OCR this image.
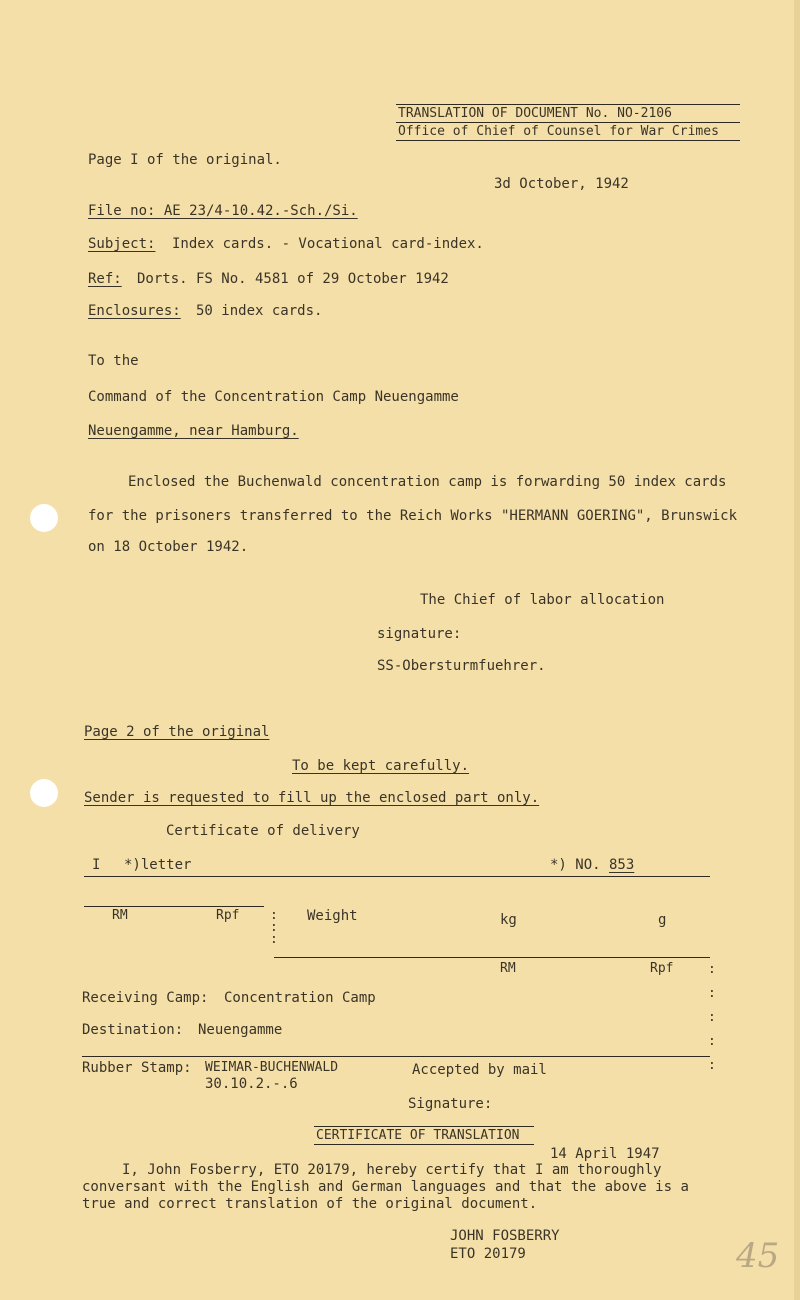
TRANSLATION OF DOCUMENT No. NO-2106
Office of Chief of Counsel for War Crimes
Page I of the original.
3d October, 1942
File no: AE 23/4-10.42.-Sch./Si.
Subject: Index cards. - Vocational card-index.
Ref: Dorts. FS No. 4581 of 29 October 1942
Enclosures: 50 index cards.
To the
Command of the Concentration Camp Neuengamme
Neuengamme, near Hamburg.
Enclosed the Buchenwald concentration camp is forwarding 50 index cards
for the prisoners transferred to the Reich Works "HERMANN GOERING", Brunswick
on 18 October 1942.
The Chief of labor allocation
signature:
SS-Obersturmfuehrer.
Page 2 of the original
To be kept carefully.
Sender is requested to fill up the enclosed part only.
Certificate of delivery
I *)letter	*) NO. 853
RM	Rpf :
:
:
Weight	kg	g
RM	Rpf	:

:

:

:

:
Receiving Camp: Concentration Camp
Destination: Neuengamme
Rubber Stamp: WEIMAR-BUCHENWALD
30.10.2.-.6
Accepted by mail
Signature:
CERTIFICATE OF TRANSLATION
14 April 1947
I, John Fosberry, ETO 20179, hereby certify that I am thoroughly
conversant with the English and German languages and that the above is a
true and correct translation of the original document.
JOHN FOSBERRY
ETO 20179	45
